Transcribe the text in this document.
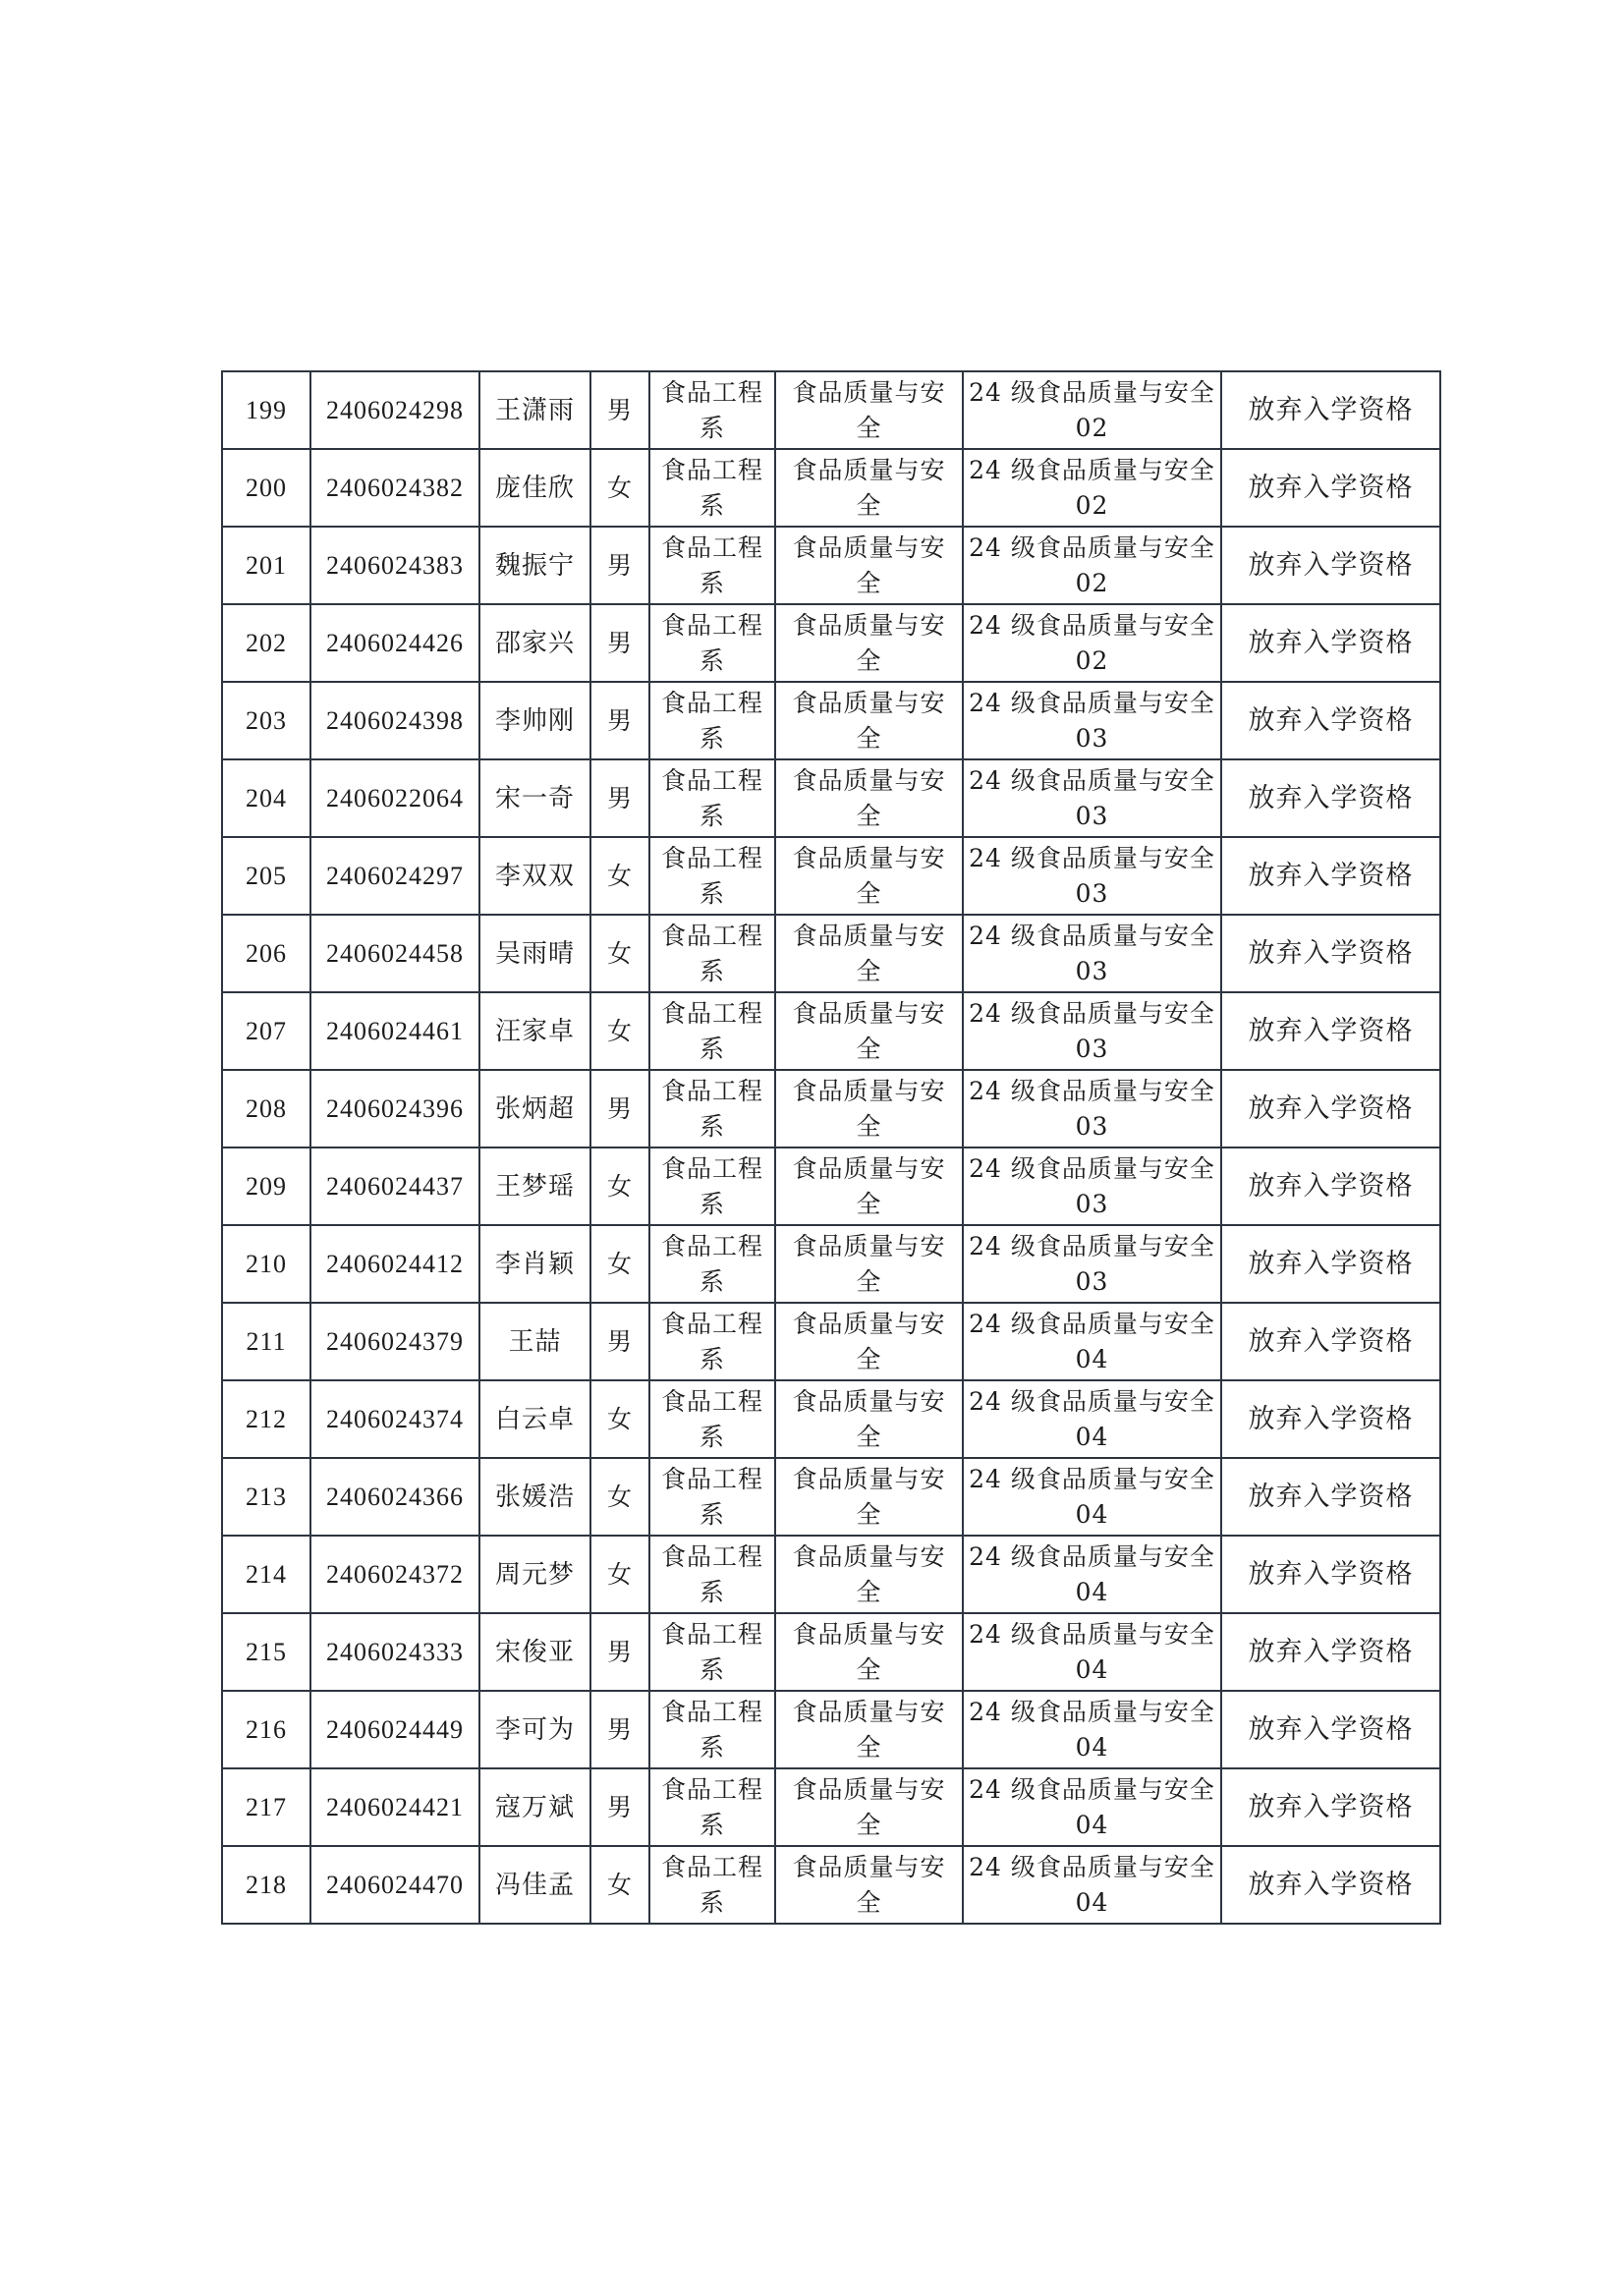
199	2406024298	王潇雨	男	食品工程系	食品质量与安全	24 级食品质量与安全 02	放弃入学资格

200	2406024382	庞佳欣	女	食品工程系	食品质量与安全	24 级食品质量与安全 02	放弃入学资格

201	2406024383	魏振宁	男	食品工程系	食品质量与安全	24 级食品质量与安全 02	放弃入学资格

202	2406024426	邵家兴	男	食品工程系	食品质量与安全	24 级食品质量与安全 02	放弃入学资格

203	2406024398	李帅刚	男	食品工程系	食品质量与安全	24 级食品质量与安全 03	放弃入学资格

204	2406022064	宋一奇	男	食品工程系	食品质量与安全	24 级食品质量与安全 03	放弃入学资格

205	2406024297	李双双	女	食品工程系	食品质量与安全	24 级食品质量与安全 03	放弃入学资格

206	2406024458	吴雨晴	女	食品工程系	食品质量与安全	24 级食品质量与安全 03	放弃入学资格

207	2406024461	汪家卓	女	食品工程系	食品质量与安全	24 级食品质量与安全 03	放弃入学资格

208	2406024396	张炳超	男	食品工程系	食品质量与安全	24 级食品质量与安全 03	放弃入学资格

209	2406024437	王梦瑶	女	食品工程系	食品质量与安全	24 级食品质量与安全 03	放弃入学资格

210	2406024412	李肖颖	女	食品工程系	食品质量与安全	24 级食品质量与安全 03	放弃入学资格

211	2406024379	王喆	男	食品工程系	食品质量与安全	24 级食品质量与安全 04	放弃入学资格

212	2406024374	白云卓	女	食品工程系	食品质量与安全	24 级食品质量与安全 04	放弃入学资格

213	2406024366	张媛浩	女	食品工程系	食品质量与安全	24 级食品质量与安全 04	放弃入学资格

214	2406024372	周元梦	女	食品工程系	食品质量与安全	24 级食品质量与安全 04	放弃入学资格

215	2406024333	宋俊亚	男	食品工程系	食品质量与安全	24 级食品质量与安全 04	放弃入学资格

216	2406024449	李可为	男	食品工程系	食品质量与安全	24 级食品质量与安全 04	放弃入学资格

217	2406024421	寇万斌	男	食品工程系	食品质量与安全	24 级食品质量与安全 04	放弃入学资格

218	2406024470	冯佳孟	女	食品工程系	食品质量与安全	24 级食品质量与安全 04	放弃入学资格
